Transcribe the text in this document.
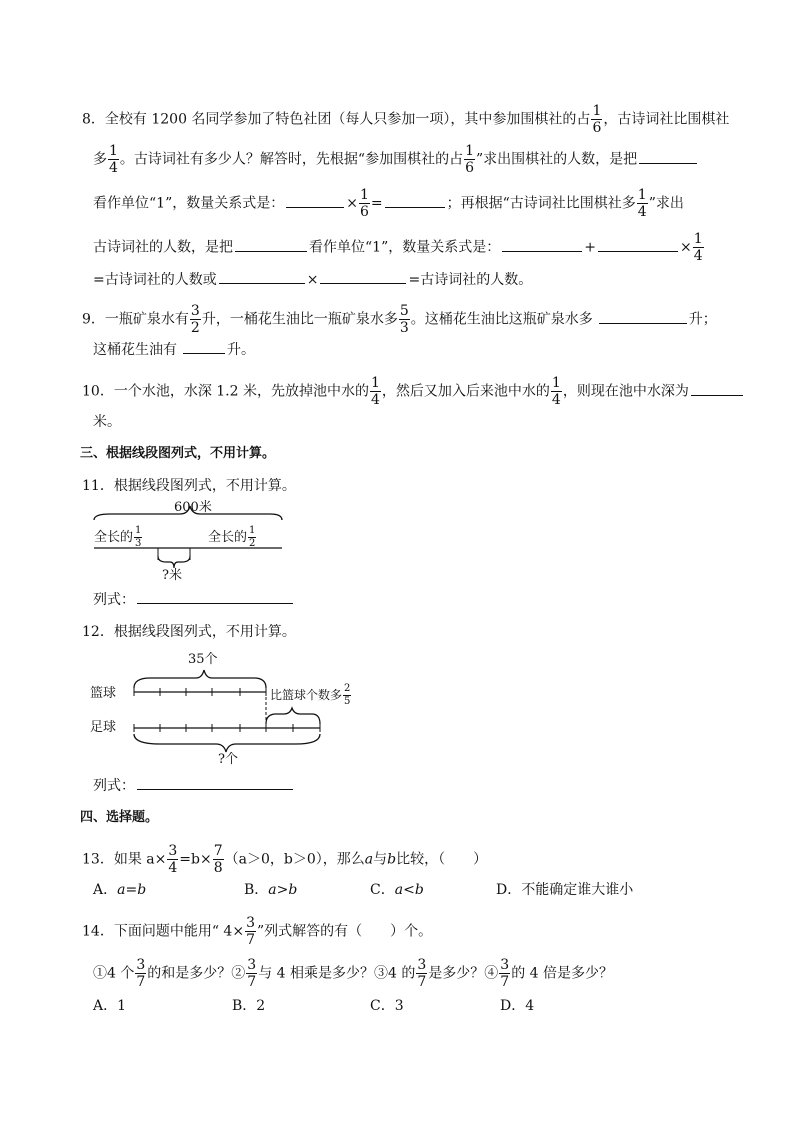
8．全校有 1200 名同学参加了特色社团（每人只参加一项），其中参加围棋社的占 $\frac{1}{6}$ ，古诗词社比围棋社
多 $\frac{1}{4}$ 。古诗词社有多少人？解答时，先根据“参加围棋社的占 $\frac{1}{6}$ ”求出围棋社的人数，是把
看作单位“1”，数量关系式是：	× $\frac{1}{6}$ =	；再根据“古诗词社比围棋社多 $\frac{1}{4}$ ”求出
古诗词社的人数，是把	看作单位“1”，数量关系式是：	+	× $\frac{1}{4}$
=古诗词社的人数或	×	=古诗词社的人数。
9．一瓶矿泉水有 $\frac{3}{2}$ 升，一桶花生油比一瓶矿泉水多 $\frac{5}{3}$ 。这桶花生油比这瓶矿泉水多	升；
这桶花生油有	升。
10．一个水池，水深 1.2 米，先放掉池中水的 $\frac{1}{4}$ ，然后又加入后来池中水的 $\frac{1}{4}$ ，则现在池中水深为
米。
三、根据线段图列式，不用计算。
11．根据线段图列式，不用计算。
600米
全长的 $\frac{1}{3}$	全长的 $\frac{1}{2}$
?米
列式：
12．根据线段图列式，不用计算。
35个
篮球
足球
比篮球个数多 $\frac{2}{5}$
?个
列式：
四、选择题。
13．如果 $a\times \frac{3}{4} =b\times \frac{7}{8} (a>0$，b＞0），那么a与b比较，（　　）
A．a=b	B．a>b	C．a<b	D．不能确定谁大谁小
14．下面问题中能用“ $4\times \frac{3}{7}$ ”列式解答的有（　　）个。
①4 个 $\frac{3}{7}$ 的和是多少？② $\frac{3}{7}$ 与 4 相乘是多少？③4 的 $\frac{3}{7}$ 是多少？④ $\frac{3}{7}$ 的 4 倍是多少？
A．1	B．2	C．3	D．4
